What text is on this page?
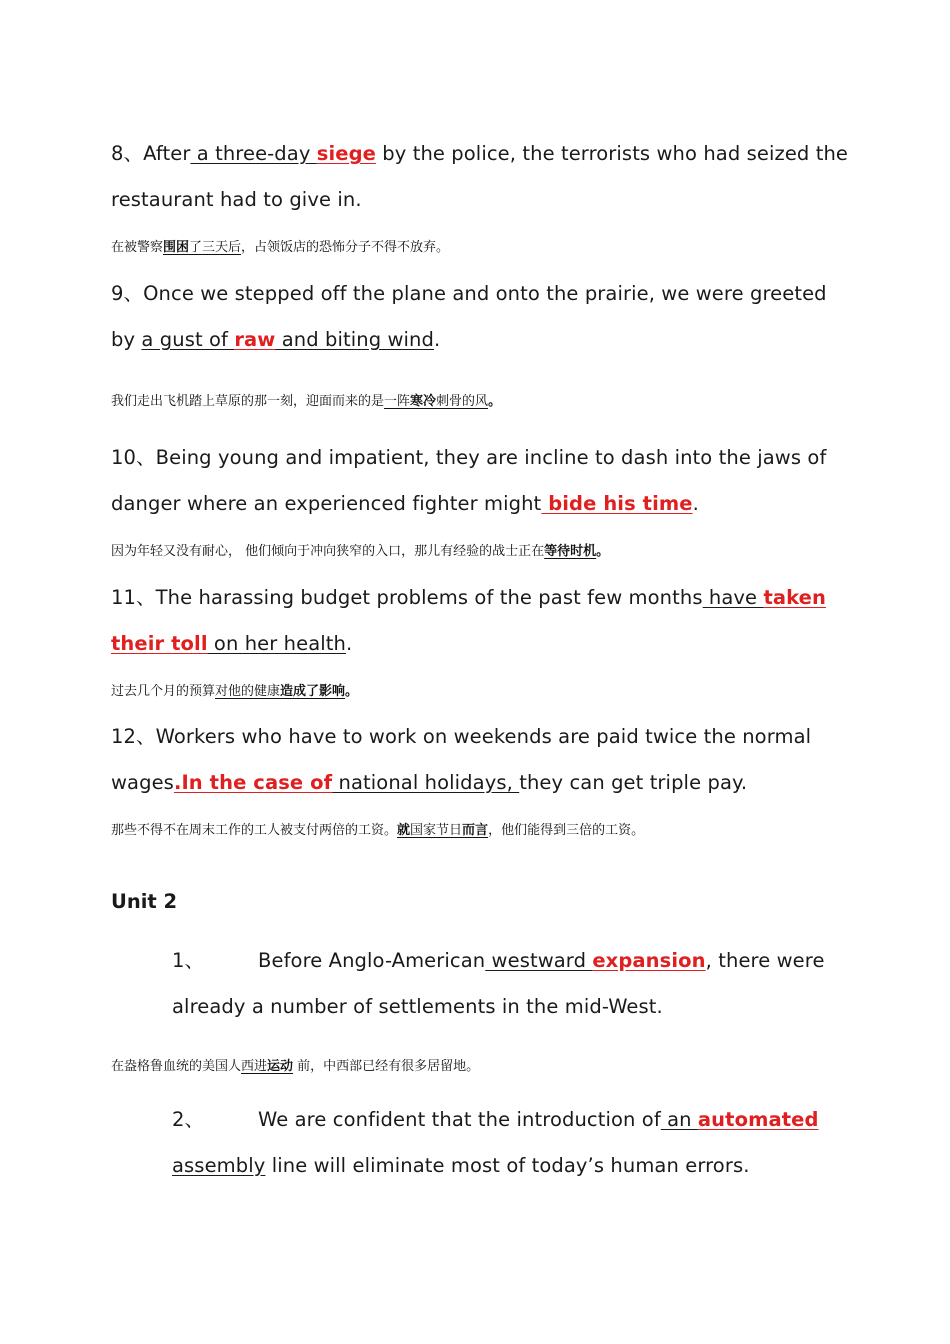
8、After a three-day siege by the police, the terrorists who had seized the
restaurant had to give in.
在被警察围困了三天后，占领饭店的恐怖分子不得不放弃。
9、Once we stepped off the plane and onto the prairie, we were greeted
by a gust of raw and biting wind.
我们走出飞机踏上草原的那一刻，迎面而来的是一阵寒冷刺骨的风。
10、Being young and impatient, they are incline to dash into the jaws of
danger where an experienced fighter might bide his time.
因为年轻又没有耐心， 他们倾向于冲向狭窄的入口，那儿有经验的战士正在等待时机。
11、The harassing budget problems of the past few months have taken
their toll on her health.
过去几个月的预算对他的健康造成了影响。
12、Workers who have to work on weekends are paid twice the normal
wages.In the case of national holidays, they can get triple pay.
那些不得不在周末工作的工人被支付两倍的工资。就国家节日而言，他们能得到三倍的工资。
Unit 2
1、	Before Anglo-American westward expansion, there were
already a number of settlements in the mid-West.
在盎格鲁血统的美国人西进运动 前，中西部已经有很多居留地。
2、	We are confident that the introduction of an automated
assembly line will eliminate most of today’s human errors.
